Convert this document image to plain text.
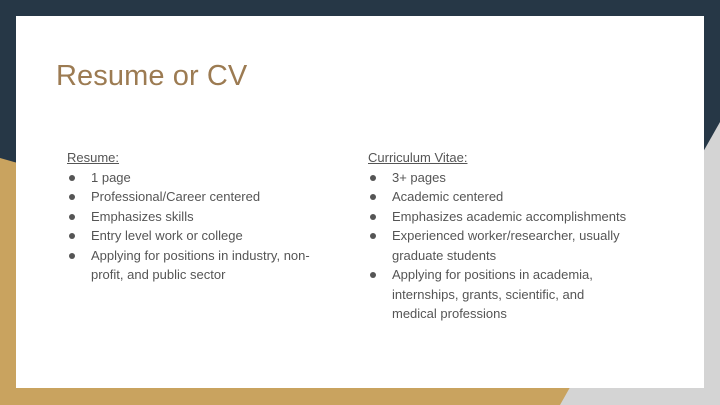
Resume or CV
Resume:
1 page
Professional/Career centered
Emphasizes skills
Entry level work or college
Applying for positions in industry, non-profit, and public sector
Curriculum Vitae:
3+ pages
Academic centered
Emphasizes academic accomplishments
Experienced worker/researcher, usually graduate students
Applying for positions in academia, internships, grants, scientific, and medical professions
